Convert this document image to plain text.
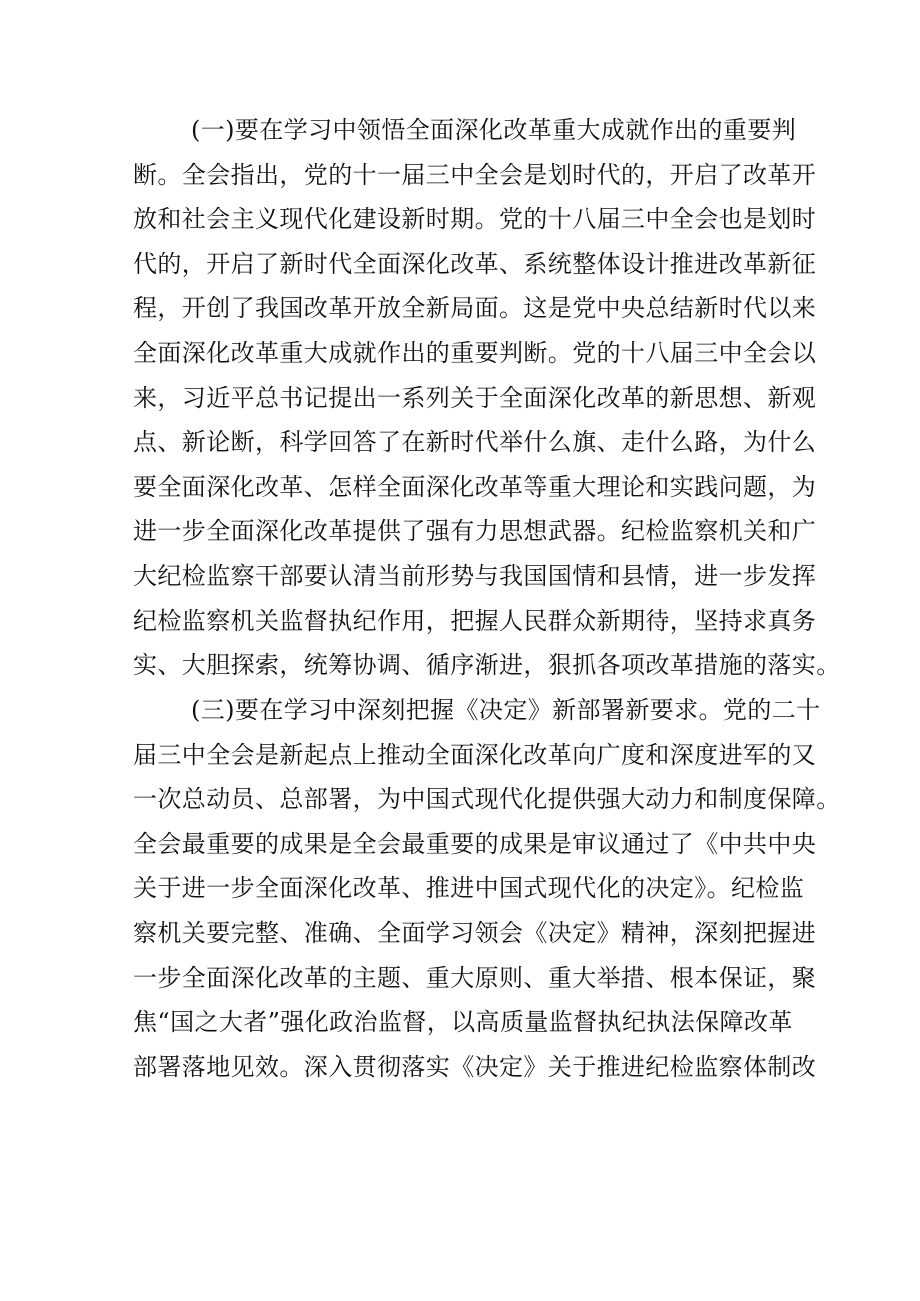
(一)要在学习中领悟全面深化改革重大成就作出的重要判
断。全会指出，党的十一届三中全会是划时代的，开启了改革开
放和社会主义现代化建设新时期。党的十八届三中全会也是划时
代的，开启了新时代全面深化改革、系统整体设计推进改革新征
程，开创了我国改革开放全新局面。这是党中央总结新时代以来
全面深化改革重大成就作出的重要判断。党的十八届三中全会以
来，习近平总书记提出一系列关于全面深化改革的新思想、新观
点、新论断，科学回答了在新时代举什么旗、走什么路，为什么
要全面深化改革、怎样全面深化改革等重大理论和实践问题，为
进一步全面深化改革提供了强有力思想武器。纪检监察机关和广
大纪检监察干部要认清当前形势与我国国情和县情，进一步发挥
纪检监察机关监督执纪作用，把握人民群众新期待，坚持求真务
实、大胆探索，统筹协调、循序渐进，狠抓各项改革措施的落实。
(三)要在学习中深刻把握《决定》新部署新要求。党的二十
届三中全会是新起点上推动全面深化改革向广度和深度进军的又
一次总动员、总部署，为中国式现代化提供强大动力和制度保障。
全会最重要的成果是全会最重要的成果是审议通过了《中共中央
关于进一步全面深化改革、推进中国式现代化的决定》。纪检监
察机关要完整、准确、全面学习领会《决定》精神，深刻把握进
一步全面深化改革的主题、重大原则、重大举措、根本保证，聚
焦“国之大者”强化政治监督，以高质量监督执纪执法保障改革
部署落地见效。深入贯彻落实《决定》关于推进纪检监察体制改
